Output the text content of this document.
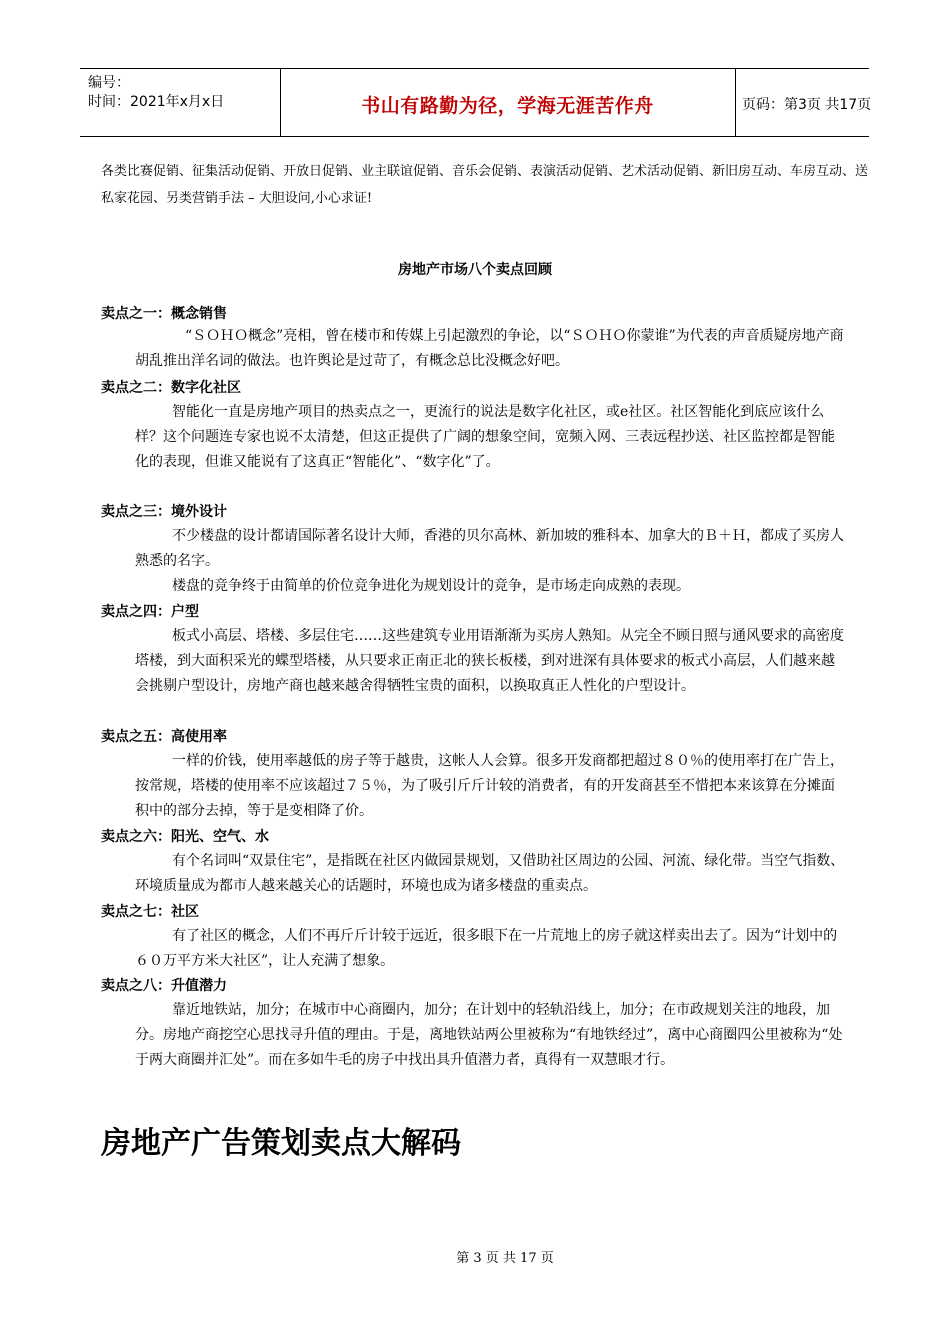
编号：
时间：2021年x月x日	书山有路勤为径，学海无涯苦作舟	页码：第3页 共17页
各类比赛促销、征集活动促销、开放日促销、业主联谊促销、音乐会促销、表演活动促销、艺术活动促销、新旧房互动、车房互动、送私家花园、另类营销手法 – 大胆设问,小心求证!
房地产市场八个卖点回顾
卖点之一：概念销售
“ＳＯＨＯ概念”亮相，曾在楼市和传媒上引起激烈的争论，以“ＳＯＨＯ你蒙谁”为代表的声音质疑房地产商胡乱推出洋名词的做法。也许舆论是过苛了，有概念总比没概念好吧。
卖点之二：数字化社区
智能化一直是房地产项目的热卖点之一，更流行的说法是数字化社区，或e社区。社区智能化到底应该什么样？这个问题连专家也说不太清楚，但这正提供了广阔的想象空间，宽频入网、三表远程抄送、社区监控都是智能化的表现，但谁又能说有了这真正“智能化”、“数字化”了。
卖点之三：境外设计
不少楼盘的设计都请国际著名设计大师，香港的贝尔高林、新加坡的雅科本、加拿大的Ｂ＋Ｈ，都成了买房人熟悉的名字。
楼盘的竞争终于由简单的价位竞争进化为规划设计的竞争，是市场走向成熟的表现。
卖点之四：户型
板式小高层、塔楼、多层住宅……这些建筑专业用语渐渐为买房人熟知。从完全不顾日照与通风要求的高密度塔楼，到大面积采光的蝶型塔楼，从只要求正南正北的狭长板楼，到对进深有具体要求的板式小高层，人们越来越会挑剔户型设计，房地产商也越来越舍得牺牲宝贵的面积，以换取真正人性化的户型设计。
卖点之五：高使用率
一样的价钱，使用率越低的房子等于越贵，这帐人人会算。很多开发商都把超过８０％的使用率打在广告上，按常规，塔楼的使用率不应该超过７５％，为了吸引斤斤计较的消费者，有的开发商甚至不惜把本来该算在分摊面积中的部分去掉，等于是变相降了价。
卖点之六：阳光、空气、水
有个名词叫“双景住宅”，是指既在社区内做园景规划，又借助社区周边的公园、河流、绿化带。当空气指数、环境质量成为都市人越来越关心的话题时，环境也成为诸多楼盘的重卖点。
卖点之七：社区
有了社区的概念，人们不再斤斤计较于远近，很多眼下在一片荒地上的房子就这样卖出去了。因为“计划中的６０万平方米大社区”，让人充满了想象。
卖点之八：升值潜力
靠近地铁站，加分；在城市中心商圈内，加分；在计划中的轻轨沿线上，加分；在市政规划关注的地段，加分。房地产商挖空心思找寻升值的理由。于是，离地铁站两公里被称为“有地铁经过”，离中心商圈四公里被称为“处于两大商圈并汇处”。而在多如牛毛的房子中找出具升值潜力者，真得有一双慧眼才行。
房地产广告策划卖点大解码
第 3 页 共 17 页
